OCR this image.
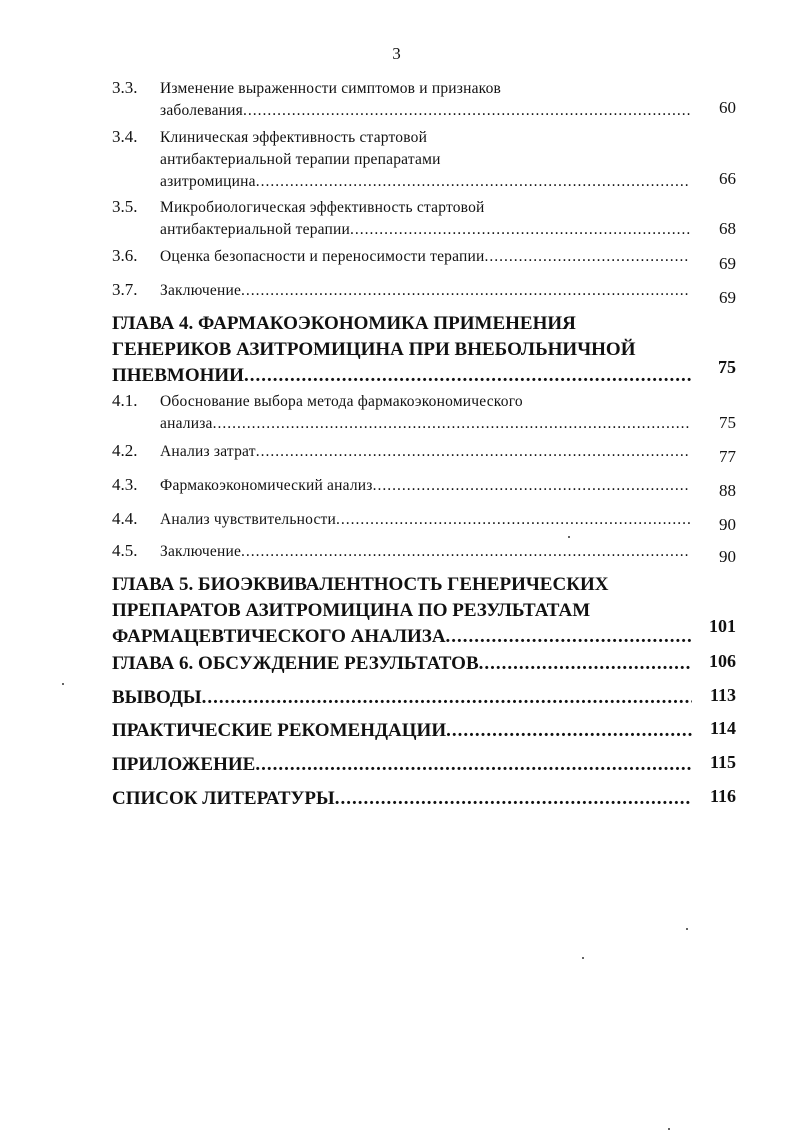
3
3.3. Изменение выраженности симптомов и признаков
заболевания .....	60
3.4. Клиническая эффективность стартовой
антибактериальной терапии препаратами
азитромицина .....	66
3.5. Микробиологическая эффективность стартовой
антибактериальной терапии .....	68
3.6. Оценка безопасности и переносимости терапии .....	69
3.7. Заключение .....	69
ГЛАВА 4. ФАРМАКОЭКОНОМИКА ПРИМЕНЕНИЯ
ГЕНЕРИКОВ АЗИТРОМИЦИНА ПРИ ВНЕБОЛЬНИЧНОЙ
ПНЕВМОНИИ .....	75
4.1. Обоснование выбора метода фармакоэкономического
анализа .....	75
4.2. Анализ затрат .....	77
4.3. Фармакоэкономический анализ .....	88
4.4. Анализ чувствительности .....	90
4.5. Заключение .....	90
ГЛАВА 5. БИОЭКВИВАЛЕНТНОСТЬ ГЕНЕРИЧЕСКИХ
ПРЕПАРАТОВ АЗИТРОМИЦИНА ПО РЕЗУЛЬТАТАМ
ФАРМАЦЕВТИЧЕСКОГО АНАЛИЗА .....	101
ГЛАВА 6. ОБСУЖДЕНИЕ РЕЗУЛЬТАТОВ .....	106
ВЫВОДЫ .....	113
ПРАКТИЧЕСКИЕ РЕКОМЕНДАЦИИ .....	114
ПРИЛОЖЕНИЕ .....	115
СПИСОК ЛИТЕРАТУРЫ .....	116
